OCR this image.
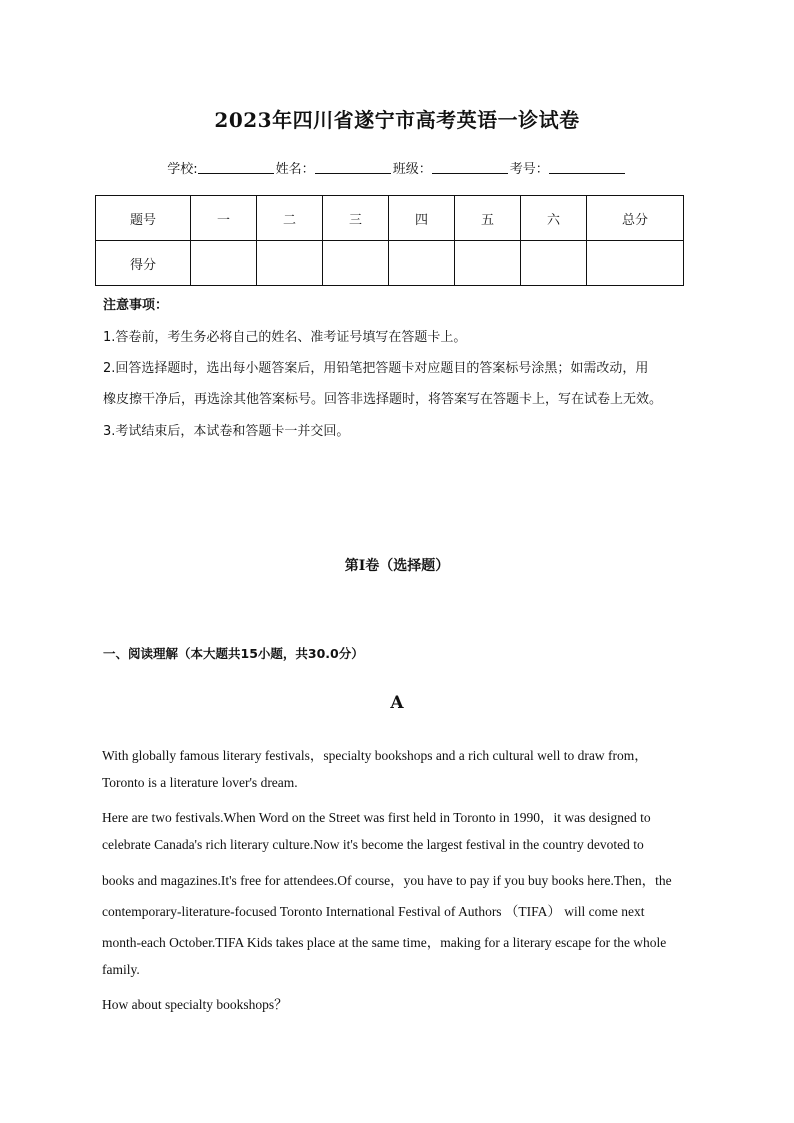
2023年四川省遂宁市高考英语一诊试卷
学校:	姓名：	班级：	考号：
题号	一	二	三	四	五	六	总分
得分							
注意事项：
1.答卷前，考生务必将自己的姓名、准考证号填写在答题卡上。
2.回答选择题时，选出每小题答案后，用铅笔把答题卡对应题目的答案标号涂黑；如需改动，用
橡皮擦干净后，再选涂其他答案标号。回答非选择题时，将答案写在答题卡上，写在试卷上无效。
3.考试结束后，本试卷和答题卡一并交回。
第I卷（选择题）
一、阅读理解（本大题共15小题，共30.0分）
A
With globally famous literary festivals，specialty bookshops and a rich cultural well to draw from，
Toronto is a literature lover's dream.
Here are two festivals.When Word on the Street was first held in Toronto in 1990，it was designed to
celebrate Canada's rich literary culture.Now it's become the largest festival in the country devoted to
books and magazines.It's free for attendees.Of course，you have to pay if you buy books here.Then，the
contemporary-literature-focused Toronto International Festival of Authors （TIFA） will come next
month-each October.TIFA Kids takes place at the same time，making for a literary escape for the whole
family.
How about specialty bookshops？
